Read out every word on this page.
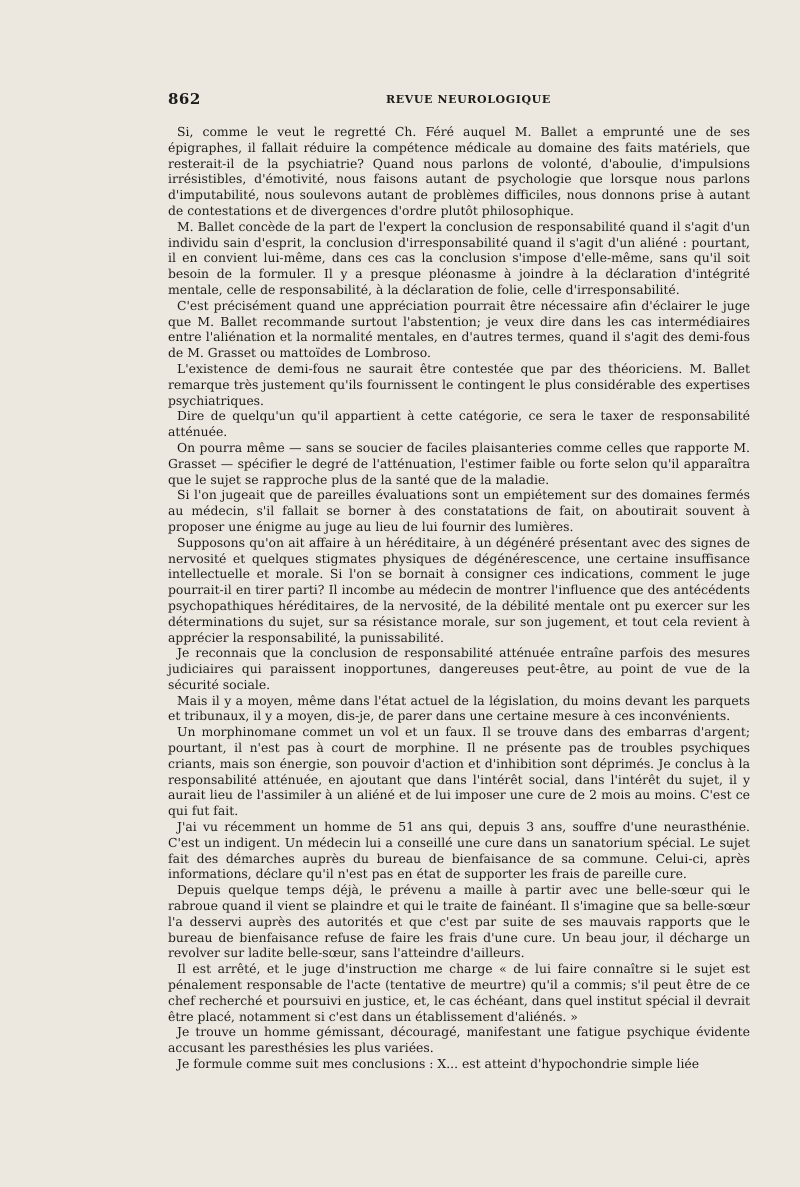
862	REVUE NEUROLOGIQUE

Si, comme le veut le regretté Ch. Féré auquel M. Ballet a emprunté une de ses épigraphes, il fallait réduire la compétence médicale au domaine des faits matériels, que resterait-il de la psychiatrie? Quand nous parlons de volonté, d'aboulie, d'impulsions irrésistibles, d'émotivité, nous faisons autant de psychologie que lorsque nous parlons d'imputabilité, nous soulevons autant de problèmes difficiles, nous donnons prise à autant de contestations et de divergences d'ordre plutôt philosophique.

M. Ballet concède de la part de l'expert la conclusion de responsabilité quand il s'agit d'un individu sain d'esprit, la conclusion d'irresponsabilité quand il s'agit d'un aliéné : pourtant, il en convient lui-même, dans ces cas la conclusion s'impose d'elle-même, sans qu'il soit besoin de la formuler. Il y a presque pléonasme à joindre à la déclaration d'intégrité mentale, celle de responsabilité, à la déclaration de folie, celle d'irresponsabilité.

C'est précisément quand une appréciation pourrait être nécessaire afin d'éclairer le juge que M. Ballet recommande surtout l'abstention; je veux dire dans les cas intermédiaires entre l'aliénation et la normalité mentales, en d'autres termes, quand il s'agit des demi-fous de M. Grasset ou mattoïdes de Lombroso.

L'existence de demi-fous ne saurait être contestée que par des théoriciens. M. Ballet remarque très justement qu'ils fournissent le contingent le plus considérable des expertises psychiatriques.

Dire de quelqu'un qu'il appartient à cette catégorie, ce sera le taxer de responsabilité atténuée.

On pourra même — sans se soucier de faciles plaisanteries comme celles que rapporte M. Grasset — spécifier le degré de l'atténuation, l'estimer faible ou forte selon qu'il apparaîtra que le sujet se rapproche plus de la santé que de la maladie.

Si l'on jugeait que de pareilles évaluations sont un empiétement sur des domaines fermés au médecin, s'il fallait se borner à des constatations de fait, on aboutirait souvent à proposer une énigme au juge au lieu de lui fournir des lumières.

Supposons qu'on ait affaire à un héréditaire, à un dégénéré présentant avec des signes de nervosité et quelques stigmates physiques de dégénérescence, une certaine insuffisance intellectuelle et morale. Si l'on se bornait à consigner ces indications, comment le juge pourrait-il en tirer parti? Il incombe au médecin de montrer l'influence que des antécédents psychopathiques héréditaires, de la nervosité, de la débilité mentale ont pu exercer sur les déterminations du sujet, sur sa résistance morale, sur son jugement, et tout cela revient à apprécier la responsabilité, la punissabilité.

Je reconnais que la conclusion de responsabilité atténuée entraîne parfois des mesures judiciaires qui paraissent inopportunes, dangereuses peut-être, au point de vue de la sécurité sociale.

Mais il y a moyen, même dans l'état actuel de la législation, du moins devant les parquets et tribunaux, il y a moyen, dis-je, de parer dans une certaine mesure à ces inconvénients.

Un morphinomane commet un vol et un faux. Il se trouve dans des embarras d'argent; pourtant, il n'est pas à court de morphine. Il ne présente pas de troubles psychiques criants, mais son énergie, son pouvoir d'action et d'inhibition sont déprimés. Je conclus à la responsabilité atténuée, en ajoutant que dans l'intérêt social, dans l'intérêt du sujet, il y aurait lieu de l'assimiler à un aliéné et de lui imposer une cure de 2 mois au moins. C'est ce qui fut fait.

J'ai vu récemment un homme de 51 ans qui, depuis 3 ans, souffre d'une neurasthénie. C'est un indigent. Un médecin lui a conseillé une cure dans un sanatorium spécial. Le sujet fait des démarches auprès du bureau de bienfaisance de sa commune. Celui-ci, après informations, déclare qu'il n'est pas en état de supporter les frais de pareille cure.

Depuis quelque temps déjà, le prévenu a maille à partir avec une belle-sœur qui le rabroue quand il vient se plaindre et qui le traite de fainéant. Il s'imagine que sa belle-sœur l'a desservi auprès des autorités et que c'est par suite de ses mauvais rapports que le bureau de bienfaisance refuse de faire les frais d'une cure. Un beau jour, il décharge un revolver sur ladite belle-sœur, sans l'atteindre d'ailleurs.

Il est arrêté, et le juge d'instruction me charge « de lui faire connaître si le sujet est pénalement responsable de l'acte (tentative de meurtre) qu'il a commis; s'il peut être de ce chef recherché et poursuivi en justice, et, le cas échéant, dans quel institut spécial il devrait être placé, notamment si c'est dans un établissement d'aliénés. »

Je trouve un homme gémissant, découragé, manifestant une fatigue psychique évidente accusant les paresthésies les plus variées.

Je formule comme suit mes conclusions : X... est atteint d'hypochondrie simple liée
